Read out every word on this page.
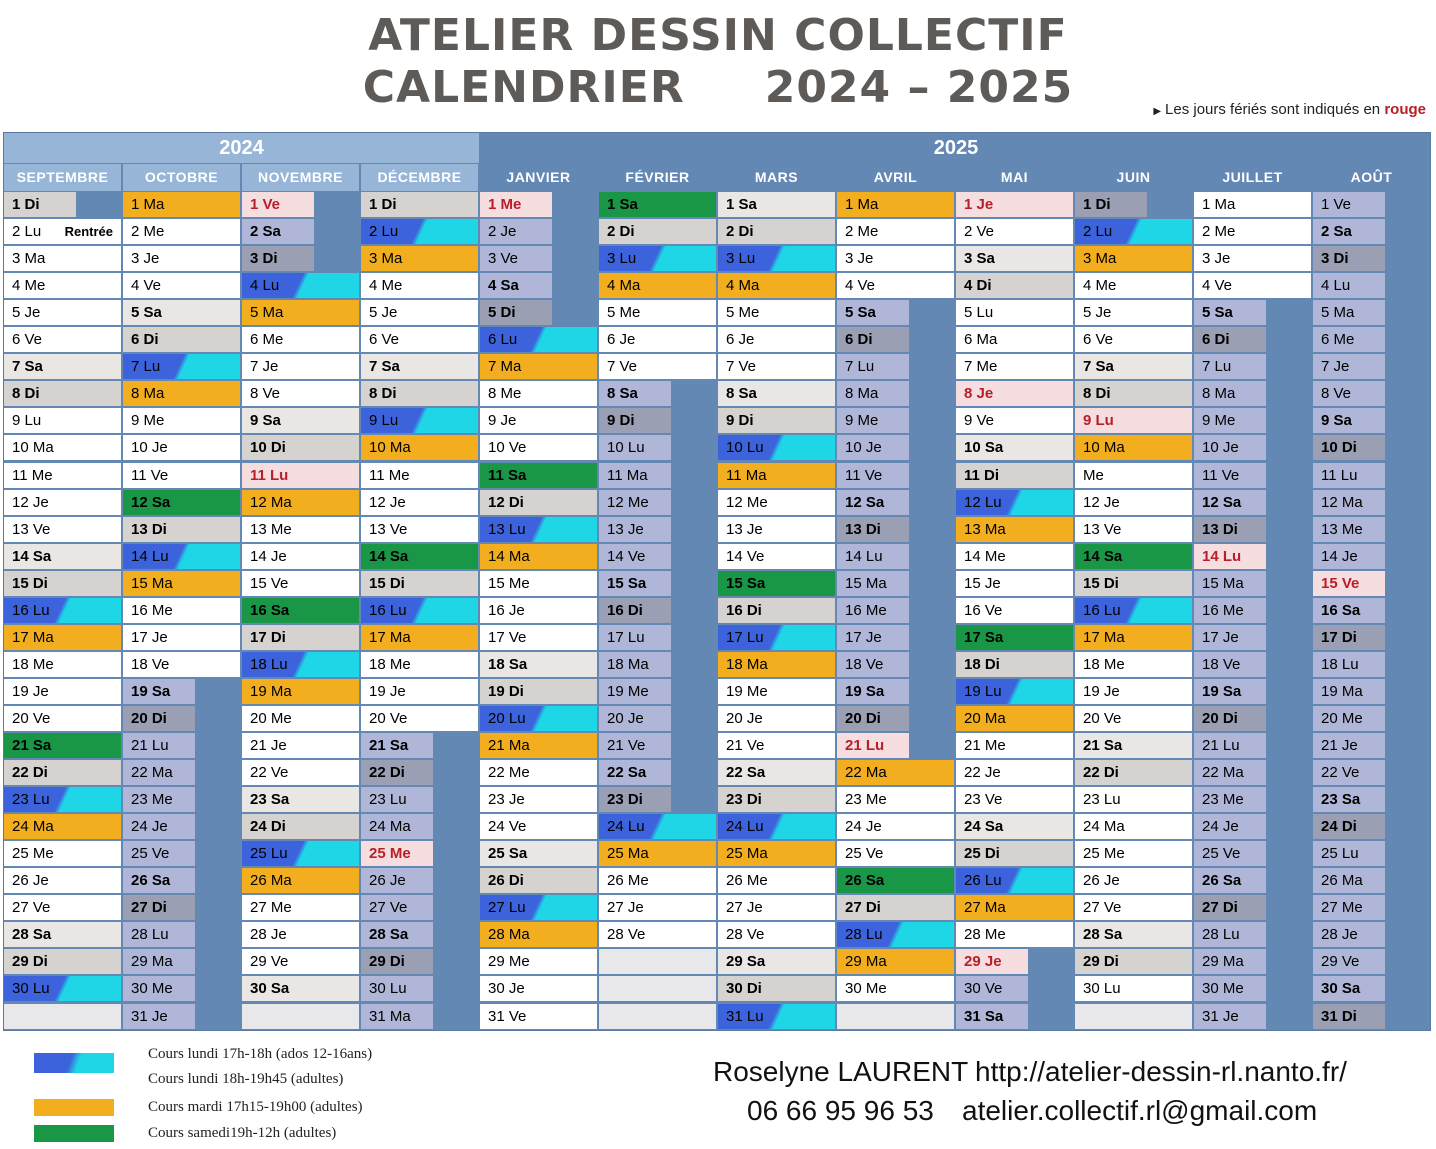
ATELIER DESSIN COLLECTIF
CALENDRIER 2024 – 2025	▶ Les jours fériés sont indiqués en rouge
2024	2025
SEPTEMBRE
1 Di
2 Lu Rentrée
3 Ma
4 Me
5 Je
6 Ve
7 Sa
8 Di
9 Lu
10 Ma
11 Me
12 Je
13 Ve
14 Sa
15 Di
16 Lu
17 Ma
18 Me
19 Je
20 Ve
21 Sa
22 Di
23 Lu
24 Ma
25 Me
26 Je
27 Ve
28 Sa
29 Di
30 Lu
OCTOBRE
1 Ma
2 Me
3 Je
4 Ve
5 Sa
6 Di
7 Lu
8 Ma
9 Me
10 Je
11 Ve
12 Sa
13 Di
14 Lu
15 Ma
16 Me
17 Je
18 Ve
19 Sa
20 Di
21 Lu
22 Ma
23 Me
24 Je
25 Ve
26 Sa
27 Di
28 Lu
29 Ma
30 Me
31 Je
NOVEMBRE
1 Ve
2 Sa
3 Di
4 Lu
5 Ma
6 Me
7 Je
8 Ve
9 Sa
10 Di
11 Lu
12 Ma
13 Me
14 Je
15 Ve
16 Sa
17 Di
18 Lu
19 Ma
20 Me
21 Je
22 Ve
23 Sa
24 Di
25 Lu
26 Ma
27 Me
28 Je
29 Ve
30 Sa
DÉCEMBRE
1 Di
2 Lu
3 Ma
4 Me
5 Je
6 Ve
7 Sa
8 Di
9 Lu
10 Ma
11 Me
12 Je
13 Ve
14 Sa
15 Di
16 Lu
17 Ma
18 Me
19 Je
20 Ve
21 Sa
22 Di
23 Lu
24 Ma
25 Me
26 Je
27 Ve
28 Sa
29 Di
30 Lu
31 Ma
JANVIER
1 Me
2 Je
3 Ve
4 Sa
5 Di
6 Lu
7 Ma
8 Me
9 Je
10 Ve
11 Sa
12 Di
13 Lu
14 Ma
15 Me
16 Je
17 Ve
18 Sa
19 Di
20 Lu
21 Ma
22 Me
23 Je
24 Ve
25 Sa
26 Di
27 Lu
28 Ma
29 Me
30 Je
31 Ve
FÉVRIER
1 Sa
2 Di
3 Lu
4 Ma
5 Me
6 Je
7 Ve
8 Sa
9 Di
10 Lu
11 Ma
12 Me
13 Je
14 Ve
15 Sa
16 Di
17 Lu
18 Ma
19 Me
20 Je
21 Ve
22 Sa
23 Di
24 Lu
25 Ma
26 Me
27 Je
28 Ve
MARS
1 Sa
2 Di
3 Lu
4 Ma
5 Me
6 Je
7 Ve
8 Sa
9 Di
10 Lu
11 Ma
12 Me
13 Je
14 Ve
15 Sa
16 Di
17 Lu
18 Ma
19 Me
20 Je
21 Ve
22 Sa
23 Di
24 Lu
25 Ma
26 Me
27 Je
28 Ve
29 Sa
30 Di
31 Lu
AVRIL
1 Ma
2 Me
3 Je
4 Ve
5 Sa
6 Di
7 Lu
8 Ma
9 Me
10 Je
11 Ve
12 Sa
13 Di
14 Lu
15 Ma
16 Me
17 Je
18 Ve
19 Sa
20 Di
21 Lu
22 Ma
23 Me
24 Je
25 Ve
26 Sa
27 Di
28 Lu
29 Ma
30 Me
MAI
1 Je
2 Ve
3 Sa
4 Di
5 Lu
6 Ma
7 Me
8 Je
9 Ve
10 Sa
11 Di
12 Lu
13 Ma
14 Me
15 Je
16 Ve
17 Sa
18 Di
19 Lu
20 Ma
21 Me
22 Je
23 Ve
24 Sa
25 Di
26 Lu
27 Ma
28 Me
29 Je
30 Ve
31 Sa
JUIN
1 Di
2 Lu
3 Ma
4 Me
5 Je
6 Ve
7 Sa
8 Di
9 Lu
10 Ma
Me
12 Je
13 Ve
14 Sa
15 Di
16 Lu
17 Ma
18 Me
19 Je
20 Ve
21 Sa
22 Di
23 Lu
24 Ma
25 Me
26 Je
27 Ve
28 Sa
29 Di
30 Lu
JUILLET
1 Ma
2 Me
3 Je
4 Ve
5 Sa
6 Di
7 Lu
8 Ma
9 Me
10 Je
11 Ve
12 Sa
13 Di
14 Lu
15 Ma
16 Me
17 Je
18 Ve
19 Sa
20 Di
21 Lu
22 Ma
23 Me
24 Je
25 Ve
26 Sa
27 Di
28 Lu
29 Ma
30 Me
31 Je
AOÛT
1 Ve
2 Sa
3 Di
4 Lu
5 Ma
6 Me
7 Je
8 Ve
9 Sa
10 Di
11 Lu
12 Ma
13 Me
14 Je
15 Ve
16 Sa
17 Di
18 Lu
19 Ma
20 Me
21 Je
22 Ve
23 Sa
24 Di
25 Lu
26 Ma
27 Me
28 Je
29 Ve
30 Sa
31 Di
Cours lundi 17h-18h (ados 12-16ans)
Cours lundi 18h-19h45 (adultes)
Cours mardi 17h15-19h00 (adultes)
Cours samedi19h-12h (adultes)
Roselyne LAURENT http://atelier-dessin-rl.nanto.fr/
06 66 95 96 53 atelier.collectif.rl@gmail.com
